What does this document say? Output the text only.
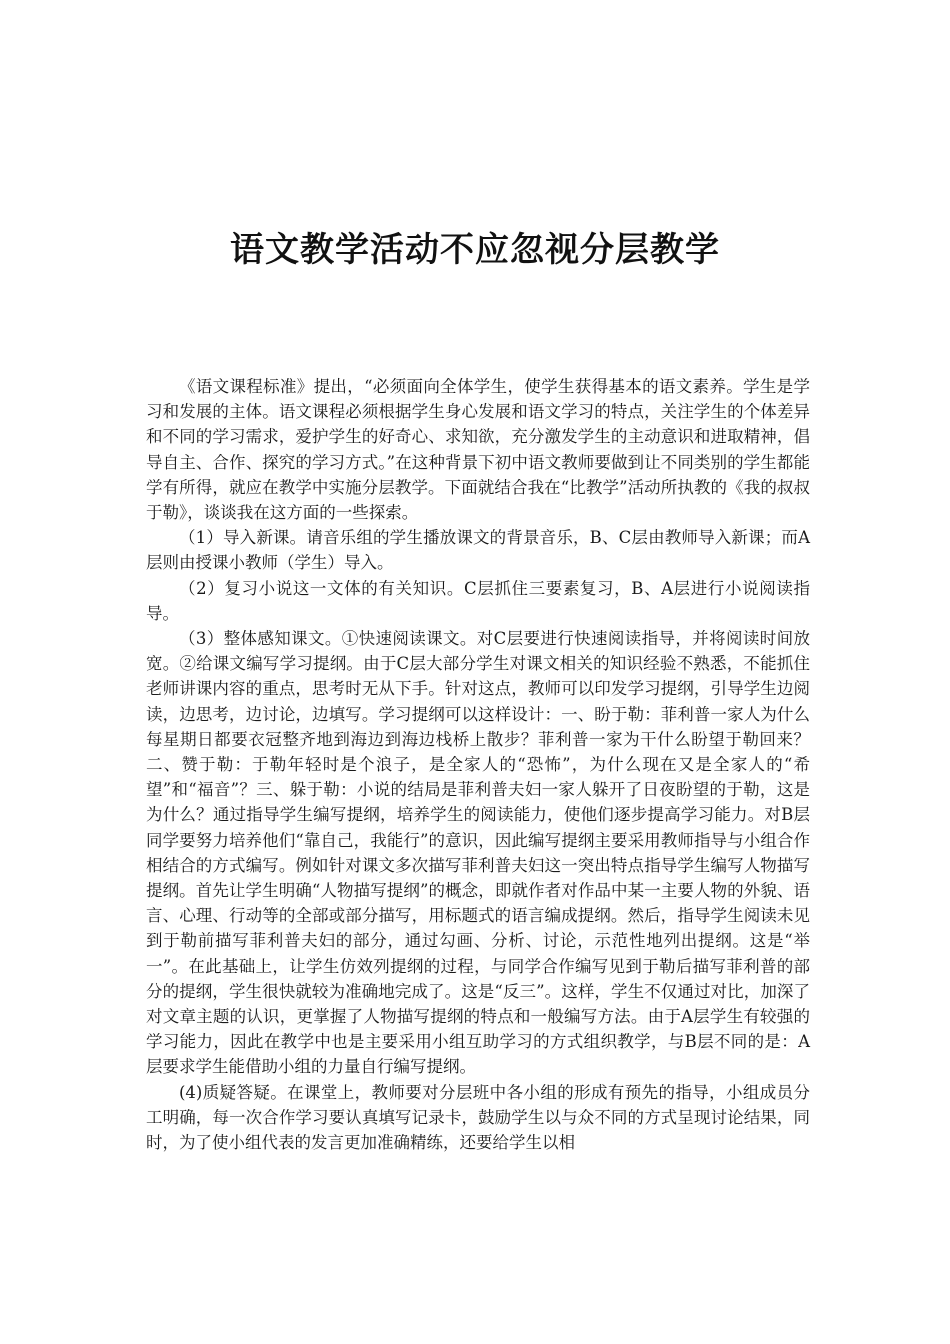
语文教学活动不应忽视分层教学

《语文课程标准》提出，“必须面向全体学生，使学生获得基本的语文素养。学生是学习和发展的主体。语文课程必须根据学生身心发展和语文学习的特点，关注学生的个体差异和不同的学习需求，爱护学生的好奇心、求知欲，充分激发学生的主动意识和进取精神，倡导自主、合作、探究的学习方式。”在这种背景下初中语文教师要做到让不同类别的学生都能学有所得，就应在教学中实施分层教学。下面就结合我在“比教学”活动所执教的《我的叔叔于勒》，谈谈我在这方面的一些探索。

（1）导入新课。请音乐组的学生播放课文的背景音乐，B、C层由教师导入新课；而A层则由授课小教师（学生）导入。

（2）复习小说这一文体的有关知识。C层抓住三要素复习，B、A层进行小说阅读指导。

（3）整体感知课文。①快速阅读课文。对C层要进行快速阅读指导，并将阅读时间放宽。②给课文编写学习提纲。由于C层大部分学生对课文相关的知识经验不熟悉，不能抓住老师讲课内容的重点，思考时无从下手。针对这点，教师可以印发学习提纲，引导学生边阅读，边思考，边讨论，边填写。学习提纲可以这样设计：一、盼于勒：菲利普一家人为什么每星期日都要衣冠整齐地到海边到海边栈桥上散步？菲利普一家为干什么盼望于勒回来？二、赞于勒：于勒年轻时是个浪子，是全家人的“恐怖”，为什么现在又是全家人的“希望”和“福音”？三、躲于勒：小说的结局是菲利普夫妇一家人躲开了日夜盼望的于勒，这是为什么？通过指导学生编写提纲，培养学生的阅读能力，使他们逐步提高学习能力。对B层同学要努力培养他们“靠自己，我能行”的意识，因此编写提纲主要采用教师指导与小组合作相结合的方式编写。例如针对课文多次描写菲利普夫妇这一突出特点指导学生编写人物描写提纲。首先让学生明确“人物描写提纲”的概念，即就作者对作品中某一主要人物的外貌、语言、心理、行动等的全部或部分描写，用标题式的语言编成提纲。然后，指导学生阅读未见到于勒前描写菲利普夫妇的部分，通过勾画、分析、讨论，示范性地列出提纲。这是“举一”。在此基础上，让学生仿效列提纲的过程，与同学合作编写见到于勒后描写菲利普的部分的提纲，学生很快就较为准确地完成了。这是“反三”。这样，学生不仅通过对比，加深了对文章主题的认识，更掌握了人物描写提纲的特点和一般编写方法。由于A层学生有较强的学习能力，因此在教学中也是主要采用小组互助学习的方式组织教学，与B层不同的是：A层要求学生能借助小组的力量自行编写提纲。

(4)质疑答疑。在课堂上，教师要对分层班中各小组的形成有预先的指导，小组成员分工明确，每一次合作学习要认真填写记录卡，鼓励学生以与众不同的方式呈现讨论结果，同时，为了使小组代表的发言更加准确精练，还要给学生以相
